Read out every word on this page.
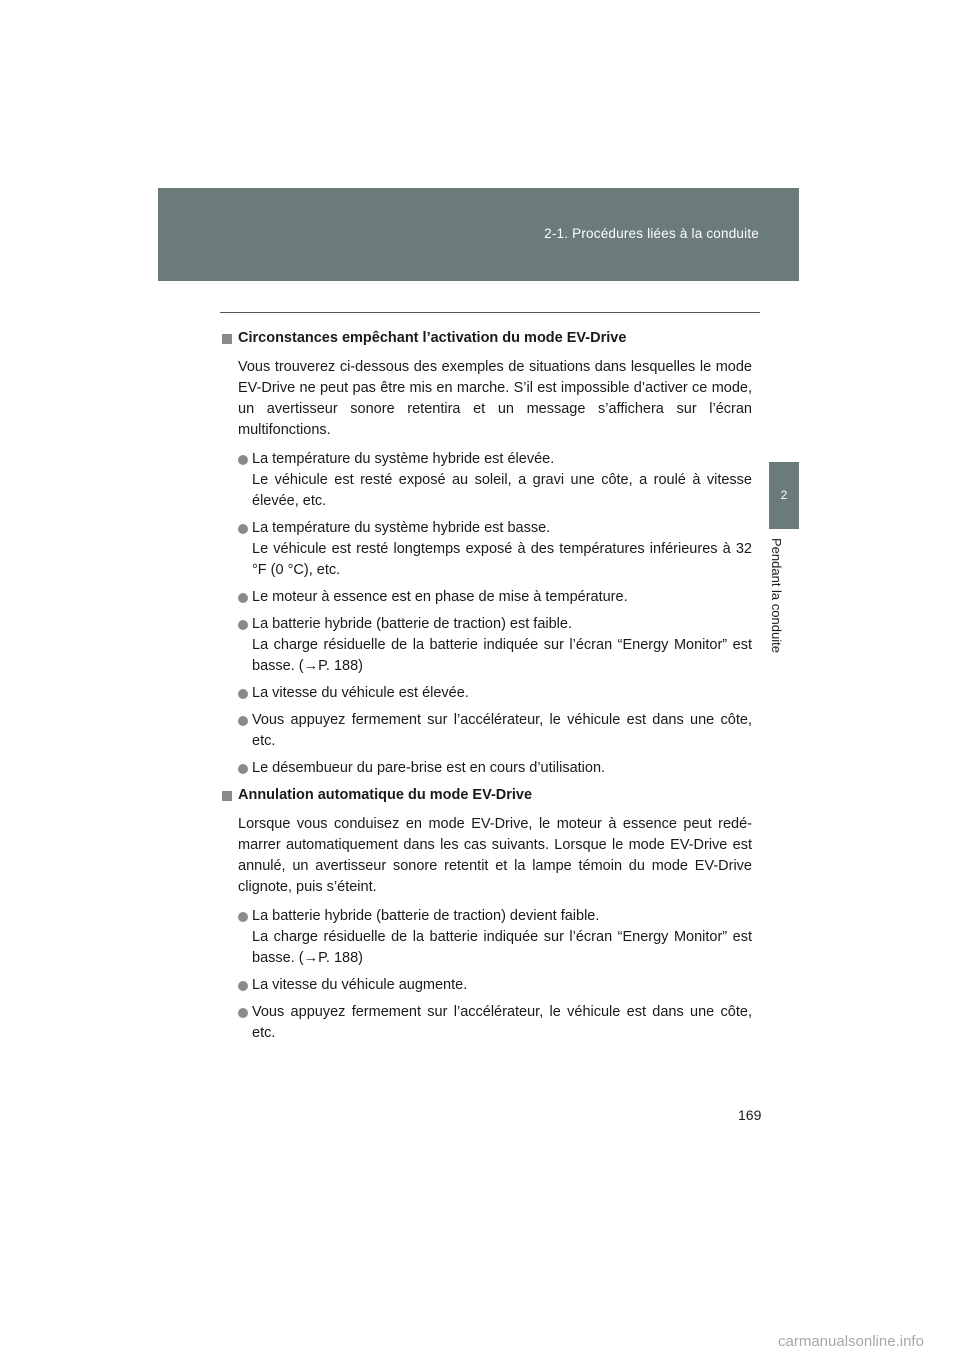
2-1. Procédures liées à la conduite
2
Pendant la conduite
Circonstances empêchant l’activation du mode EV-Drive

Vous trouverez ci-dessous des exemples de situations dans lesquelles le mode EV-Drive ne peut pas être mis en marche. S’il est impossible d’activer ce mode, un avertisseur sonore retentira et un message s’affichera sur l’écran multifonctions.

La température du système hybride est élevée.
Le véhicule est resté exposé au soleil, a gravi une côte, a roulé à vitesse élevée, etc.
La température du système hybride est basse.
Le véhicule est resté longtemps exposé à des températures inférieures à 32 °F (0 °C), etc.
Le moteur à essence est en phase de mise à température.
La batterie hybride (batterie de traction) est faible.
La charge résiduelle de la batterie indiquée sur l’écran “Energy Monitor” est basse. (→P. 188)
La vitesse du véhicule est élevée.
Vous appuyez fermement sur l’accélérateur, le véhicule est dans une côte, etc.
Le désembueur du pare-brise est en cours d’utilisation.
Annulation automatique du mode EV-Drive

Lorsque vous conduisez en mode EV-Drive, le moteur à essence peut redé-marrer automatiquement dans les cas suivants. Lorsque le mode EV-Drive est annulé, un avertisseur sonore retentit et la lampe témoin du mode EV-Drive clignote, puis s’éteint.

La batterie hybride (batterie de traction) devient faible.
La charge résiduelle de la batterie indiquée sur l’écran “Energy Monitor” est basse. (→P. 188)
La vitesse du véhicule augmente.
Vous appuyez fermement sur l’accélérateur, le véhicule est dans une côte, etc.
169
carmanualsonline.info
